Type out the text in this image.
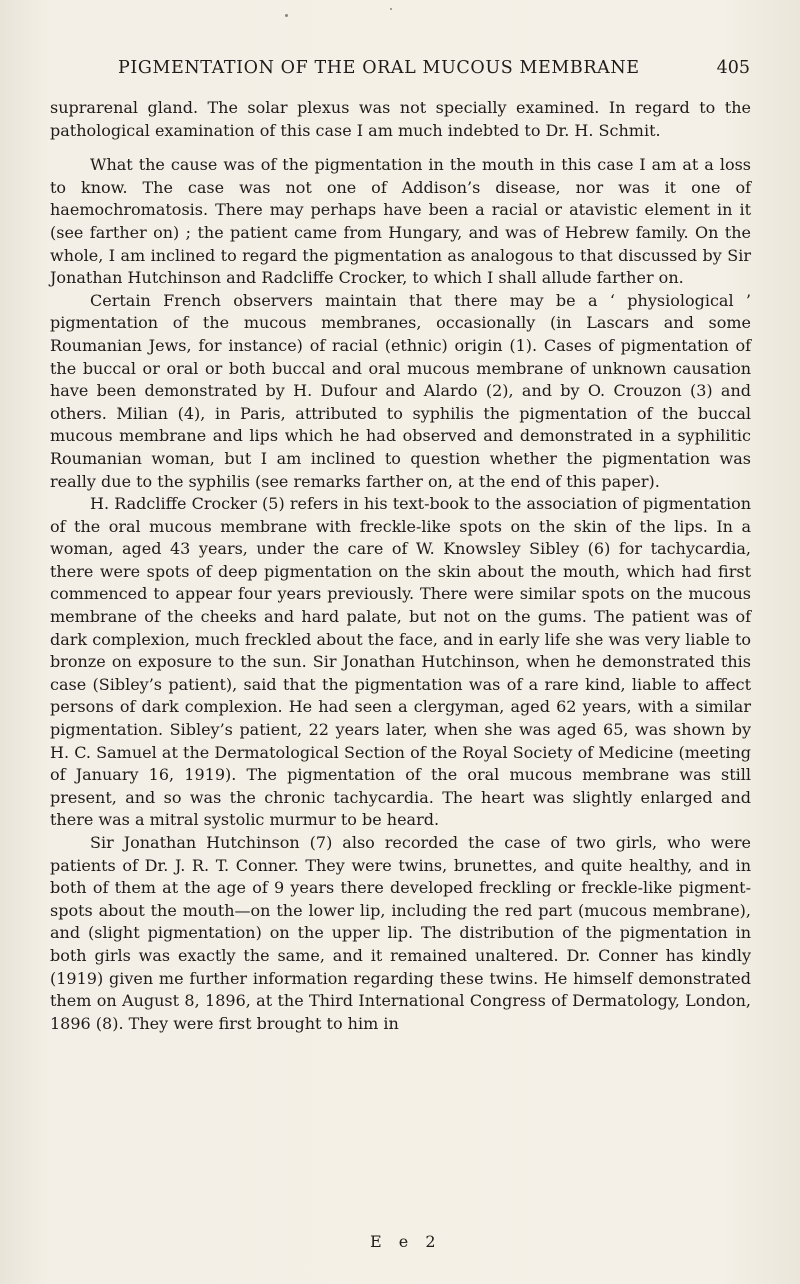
PIGMENTATION OF THE ORAL MUCOUS MEMBRANE	405

suprarenal gland. The solar plexus was not specially examined. In regard to the pathological examination of this case I am much indebted to Dr. H. Schmit.

What the cause was of the pigmentation in the mouth in this case I am at a loss to know. The case was not one of Addison’s disease, nor was it one of haemochromatosis. There may perhaps have been a racial or atavistic element in it (see farther on) ; the patient came from Hungary, and was of Hebrew family. On the whole, I am inclined to regard the pigmentation as analogous to that discussed by Sir Jonathan Hutchinson and Radcliffe Crocker, to which I shall allude farther on.

Certain French observers maintain that there may be a ‘ physiological ’ pigmentation of the mucous membranes, occasionally (in Lascars and some Roumanian Jews, for instance) of racial (ethnic) origin (1). Cases of pigmentation of the buccal or oral or both buccal and oral mucous membrane of unknown causation have been demonstrated by H. Dufour and Alardo (2), and by O. Crouzon (3) and others. Milian (4), in Paris, attributed to syphilis the pigmentation of the buccal mucous membrane and lips which he had observed and demonstrated in a syphilitic Roumanian woman, but I am inclined to question whether the pigmentation was really due to the syphilis (see remarks farther on, at the end of this paper).

H. Radcliffe Crocker (5) refers in his text-book to the association of pigmentation of the oral mucous membrane with freckle-like spots on the skin of the lips. In a woman, aged 43 years, under the care of W. Knowsley Sibley (6) for tachycardia, there were spots of deep pigmentation on the skin about the mouth, which had first commenced to appear four years previously. There were similar spots on the mucous membrane of the cheeks and hard palate, but not on the gums. The patient was of dark complexion, much freckled about the face, and in early life she was very liable to bronze on exposure to the sun. Sir Jonathan Hutchinson, when he demonstrated this case (Sibley’s patient), said that the pigmentation was of a rare kind, liable to affect persons of dark complexion. He had seen a clergyman, aged 62 years, with a similar pigmentation. Sibley’s patient, 22 years later, when she was aged 65, was shown by H. C. Samuel at the Dermatological Section of the Royal Society of Medicine (meeting of January 16, 1919). The pigmentation of the oral mucous membrane was still present, and so was the chronic tachycardia. The heart was slightly enlarged and there was a mitral systolic murmur to be heard.

Sir Jonathan Hutchinson (7) also recorded the case of two girls, who were patients of Dr. J. R. T. Conner. They were twins, brunettes, and quite healthy, and in both of them at the age of 9 years there developed freckling or freckle-like pigment-spots about the mouth—on the lower lip, including the red part (mucous membrane), and (slight pigmentation) on the upper lip. The distribution of the pigmentation in both girls was exactly the same, and it remained unaltered. Dr. Conner has kindly (1919) given me further information regarding these twins. He himself demonstrated them on August 8, 1896, at the Third International Congress of Dermatology, London, 1896 (8). They were first brought to him in

E e 2
